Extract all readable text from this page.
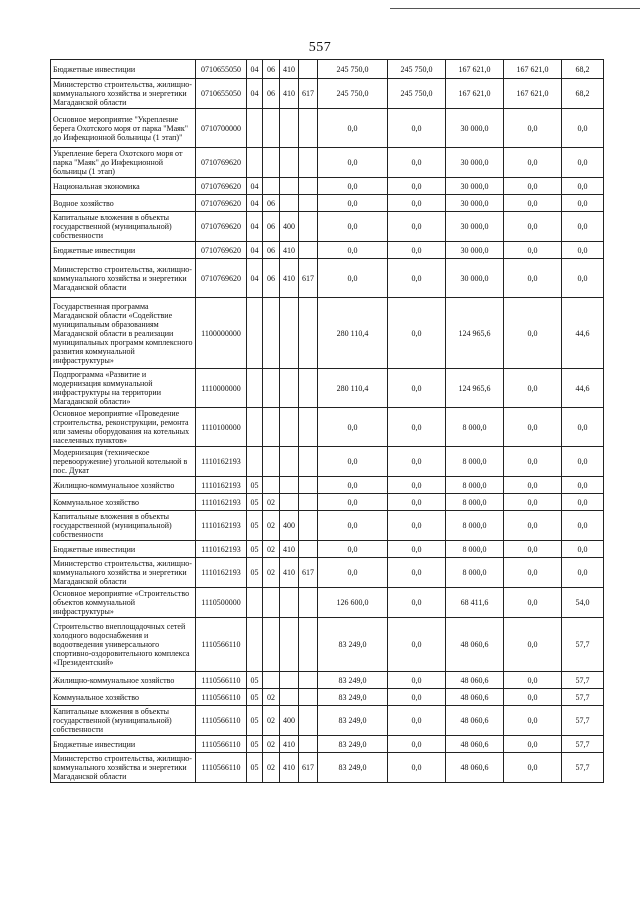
557
Бюджетные инвестиции	0710655050	04	06	410		245 750,0	245 750,0	167 621,0	167 621,0	68,2
Министерство строительства, жилищно-коммунального хозяйства и энергетики Магаданской области	0710655050	04	06	410	617	245 750,0	245 750,0	167 621,0	167 621,0	68,2
Основное мероприятие "Укрепление берега Охотского моря от парка "Маяк" до Инфекционной больницы (1 этап)"	0710700000					0,0	0,0	30 000,0	0,0	0,0
Укрепление берега Охотского моря от парка "Маяк" до Инфекционной больницы (1 этап)	0710769620					0,0	0,0	30 000,0	0,0	0,0
Национальная экономика	0710769620	04				0,0	0,0	30 000,0	0,0	0,0
Водное хозяйство	0710769620	04	06			0,0	0,0	30 000,0	0,0	0,0
Капитальные вложения в объекты государственной (муниципальной) собственности	0710769620	04	06	400		0,0	0,0	30 000,0	0,0	0,0
Бюджетные инвестиции	0710769620	04	06	410		0,0	0,0	30 000,0	0,0	0,0
Министерство строительства, жилищно-коммунального хозяйства и энергетики Магаданской области	0710769620	04	06	410	617	0,0	0,0	30 000,0	0,0	0,0
Государственная программа Магаданской области «Содействие муниципальным образованиям Магаданской области в реализации муниципальных программ комплексного развития коммунальной инфраструктуры»	1100000000					280 110,4	0,0	124 965,6	0,0	44,6
Подпрограмма «Развитие и модернизация коммунальной инфраструктуры на территории Магаданской области»	1110000000					280 110,4	0,0	124 965,6	0,0	44,6
Основное мероприятие «Проведение строительства, реконструкции, ремонта или замены оборудования на котельных населенных пунктов»	1110100000					0,0	0,0	8 000,0	0,0	0,0
Модернизация (техническое перевооружение) угольной котельной в пос. Дукат	1110162193					0,0	0,0	8 000,0	0,0	0,0
Жилищно-коммунальное хозяйство	1110162193	05				0,0	0,0	8 000,0	0,0	0,0
Коммунальное хозяйство	1110162193	05	02			0,0	0,0	8 000,0	0,0	0,0
Капитальные вложения в объекты государственной (муниципальной) собственности	1110162193	05	02	400		0,0	0,0	8 000,0	0,0	0,0
Бюджетные инвестиции	1110162193	05	02	410		0,0	0,0	8 000,0	0,0	0,0
Министерство строительства, жилищно-коммунального хозяйства и энергетики Магаданской области	1110162193	05	02	410	617	0,0	0,0	8 000,0	0,0	0,0
Основное мероприятие «Строительство объектов коммунальной инфраструктуры»	1110500000					126 600,0	0,0	68 411,6	0,0	54,0
Строительство внеплощадочных сетей холодного водоснабжения и водоотведения универсального спортивно-оздоровительного комплекса «Президентский»	1110566110					83 249,0	0,0	48 060,6	0,0	57,7
Жилищно-коммунальное хозяйство	1110566110	05				83 249,0	0,0	48 060,6	0,0	57,7
Коммунальное хозяйство	1110566110	05	02			83 249,0	0,0	48 060,6	0,0	57,7
Капитальные вложения в объекты государственной (муниципальной) собственности	1110566110	05	02	400		83 249,0	0,0	48 060,6	0,0	57,7
Бюджетные инвестиции	1110566110	05	02	410		83 249,0	0,0	48 060,6	0,0	57,7
Министерство строительства, жилищно-коммунального хозяйства и энергетики Магаданской области	1110566110	05	02	410	617	83 249,0	0,0	48 060,6	0,0	57,7
